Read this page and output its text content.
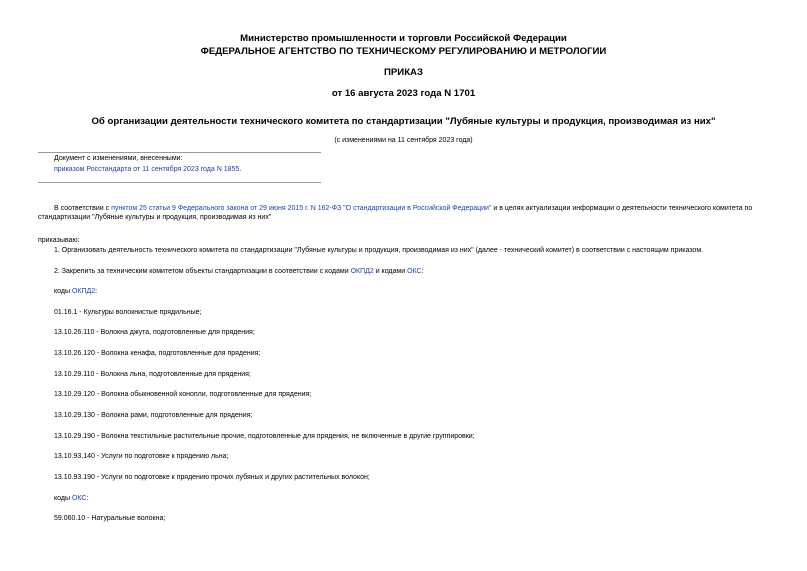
Министерство промышленности и торговли Российской Федерации
ФЕДЕРАЛЬНОЕ АГЕНТСТВО ПО ТЕХНИЧЕСКОМУ РЕГУЛИРОВАНИЮ И МЕТРОЛОГИИ
ПРИКАЗ
от 16 августа 2023 года N 1701
Об организации деятельности технического комитета по стандартизации "Лубяные культуры и продукция, производимая из них"
(с изменениями на 11 сентября 2023 года)
Документ с изменениями, внесенными:
приказом Росстандарта от 11 сентября 2023 года N 1855.
В соответствии с пунктом 25 статьи 9 Федерального закона от 29 июня 2015 г. N 162-ФЗ "О стандартизации в Российской Федерации" и в целях актуализации информации о деятельности технического комитета по стандартизации "Лубяные культуры и продукция, производимая из них"
приказываю:
1. Организовать деятельность технического комитета по стандартизации "Лубяные культуры и продукция, производимая из них" (далее - технический комитет) в соответствии с настоящим приказом.
2. Закрепить за техническим комитетом объекты стандартизации в соответствии с кодами ОКПД2 и кодами ОКС:
коды ОКПД2:
01.16.1 - Культуры волокнистые прядильные;
13.10.26.110 - Волокна джута, подготовленные для прядения;
13.10.26.120 - Волокна кенафа, подготовленные для прядения;
13.10.29.110 - Волокна льна, подготовленные для прядения;
13.10.29.120 - Волокна обыкновенной конопли, подготовленные для прядения;
13.10.29.130 - Волокна рами, подготовленные для прядения;
13.10.29.190 - Волокна текстильные растительные прочие, подготовленные для прядения, не включенные в другие группировки;
13.10.93.140 - Услуги по подготовке к прядению льна;
13.10.93.190 - Услуги по подготовке к прядению прочих лубяных и других растительных волокон;
коды ОКС:
59.060.10 - Натуральные волокна;
